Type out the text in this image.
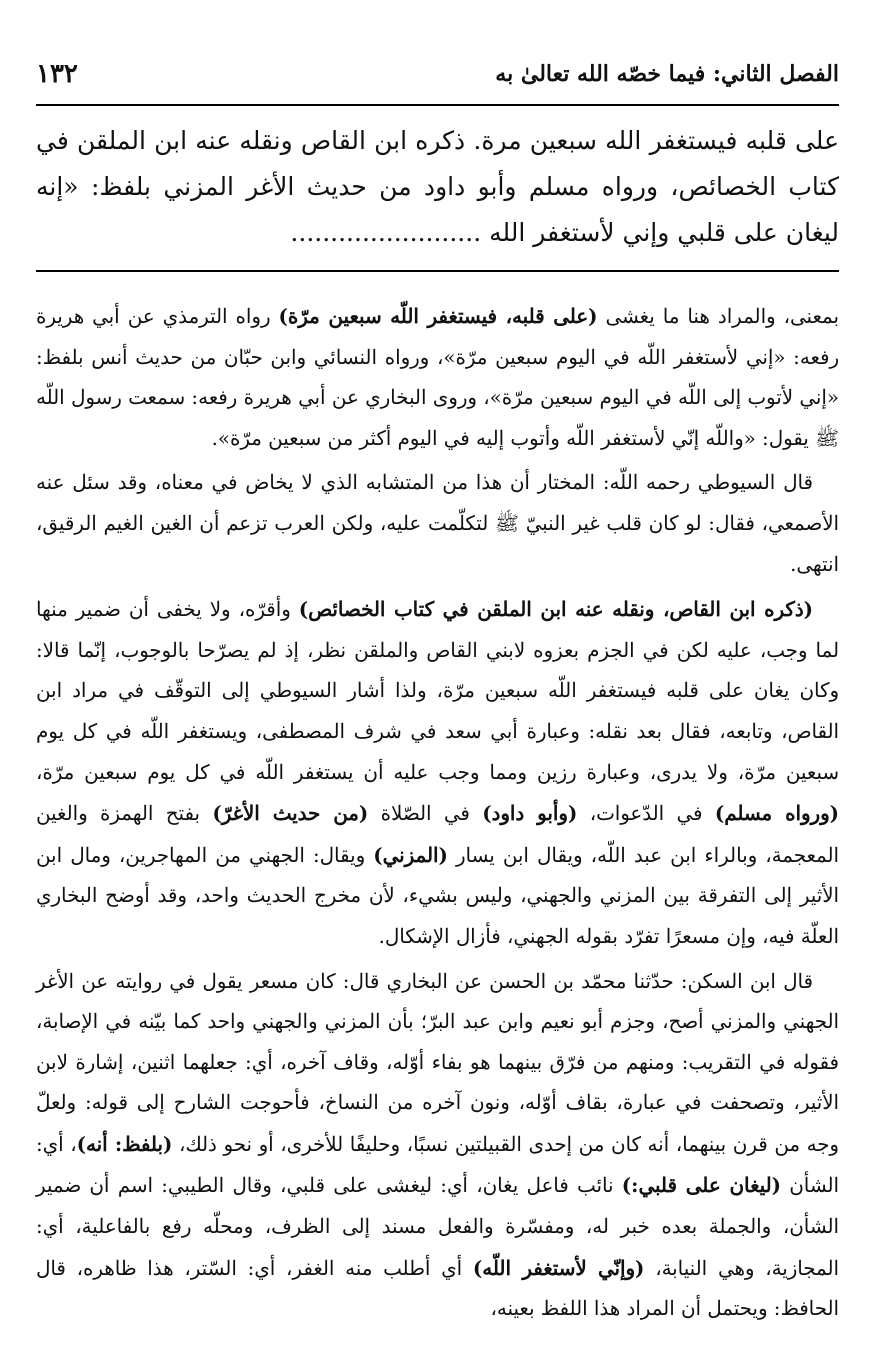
الفصل الثاني: فيما خصّه الله تعالىٰ به
١٣٢

على قلبه فيستغفر الله سبعين مرة. ذكره ابن القاص ونقله عنه ابن الملقن في كتاب الخصائص، ورواه مسلم وأبو داود من حديث الأغر المزني بلفظ: «إنه ليغان على قلبي وإني لأستغفر الله ........................

بمعنى، والمراد هنا ما يغشى (على قلبه، فيستغفر اللّه سبعين مرّة) رواه الترمذي عن أبي هريرة رفعه: «إني لأستغفر اللّه في اليوم سبعين مرّة»، ورواه النسائي وابن حبّان من حديث أنس بلفظ: «إني لأتوب إلى اللّه في اليوم سبعين مرّة»، وروى البخاري عن أبي هريرة رفعه: سمعت رسول اللّه ﷺ يقول: «واللّه إنّي لأستغفر اللّه وأتوب إليه في اليوم أكثر من سبعين مرّة».

قال السيوطي رحمه اللّه: المختار أن هذا من المتشابه الذي لا يخاض في معناه، وقد سئل عنه الأصمعي، فقال: لو كان قلب غير النبيّ ﷺ لتكلّمت عليه، ولكن العرب تزعم أن الغين الغيم الرقيق، انتهى.

(ذكره ابن القاص، ونقله عنه ابن الملقن في كتاب الخصائص) وأقرّه، ولا يخفى أن ضمير منها لما وجب، عليه لكن في الجزم بعزوه لابني القاص والملقن نظر، إذ لم يصرّحا بالوجوب، إنّما قالا: وكان يغان على قلبه فيستغفر اللّه سبعين مرّة، ولذا أشار السيوطي إلى التوقّف في مراد ابن القاص، وتابعه، فقال بعد نقله: وعبارة أبي سعد في شرف المصطفى، ويستغفر اللّه في كل يوم سبعين مرّة، ولا يدرى، وعبارة رزين ومما وجب عليه أن يستغفر اللّه في كل يوم سبعين مرّة، (ورواه مسلم) في الدّعوات، (وأبو داود) في الصّلاة (من حديث الأغرّ) بفتح الهمزة والغين المعجمة، وبالراء ابن عبد اللّه، ويقال ابن يسار (المزني) ويقال: الجهني من المهاجرين، ومال ابن الأثير إلى التفرقة بين المزني والجهني، وليس بشيء، لأن مخرج الحديث واحد، وقد أوضح البخاري العلّة فيه، وإن مسعرًا تفرّد بقوله الجهني، فأزال الإشكال.

قال ابن السكن: حدّثنا محمّد بن الحسن عن البخاري قال: كان مسعر يقول في روايته عن الأغر الجهني والمزني أصح، وجزم أبو نعيم وابن عبد البرّ؛ بأن المزني والجهني واحد كما بيّنه في الإصابة، فقوله في التقريب: ومنهم من فرّق بينهما هو بفاء أوّله، وقاف آخره، أي: جعلهما اثنين، إشارة لابن الأثير، وتصحفت في عبارة، بقاف أوّله، ونون آخره من النساخ، فأحوجت الشارح إلى قوله: ولعلّ وجه من قرن بينهما، أنه كان من إحدى القبيلتين نسبًا، وحليفًا للأخرى، أو نحو ذلك، (بلفظ: أنه)، أي: الشأن (ليغان على قلبي:) نائب فاعل يغان، أي: ليغشى على قلبي، وقال الطيبي: اسم أن ضمير الشأن، والجملة بعده خبر له، ومفسّرة والفعل مسند إلى الظرف، ومحلّه رفع بالفاعلية، أي: المجازية، وهي النيابة، (وإنّي لأستغفر اللّه) أي أطلب منه الغفر، أي: السّتر، هذا ظاهره، قال الحافظ: ويحتمل أن المراد هذا اللفظ بعينه،
